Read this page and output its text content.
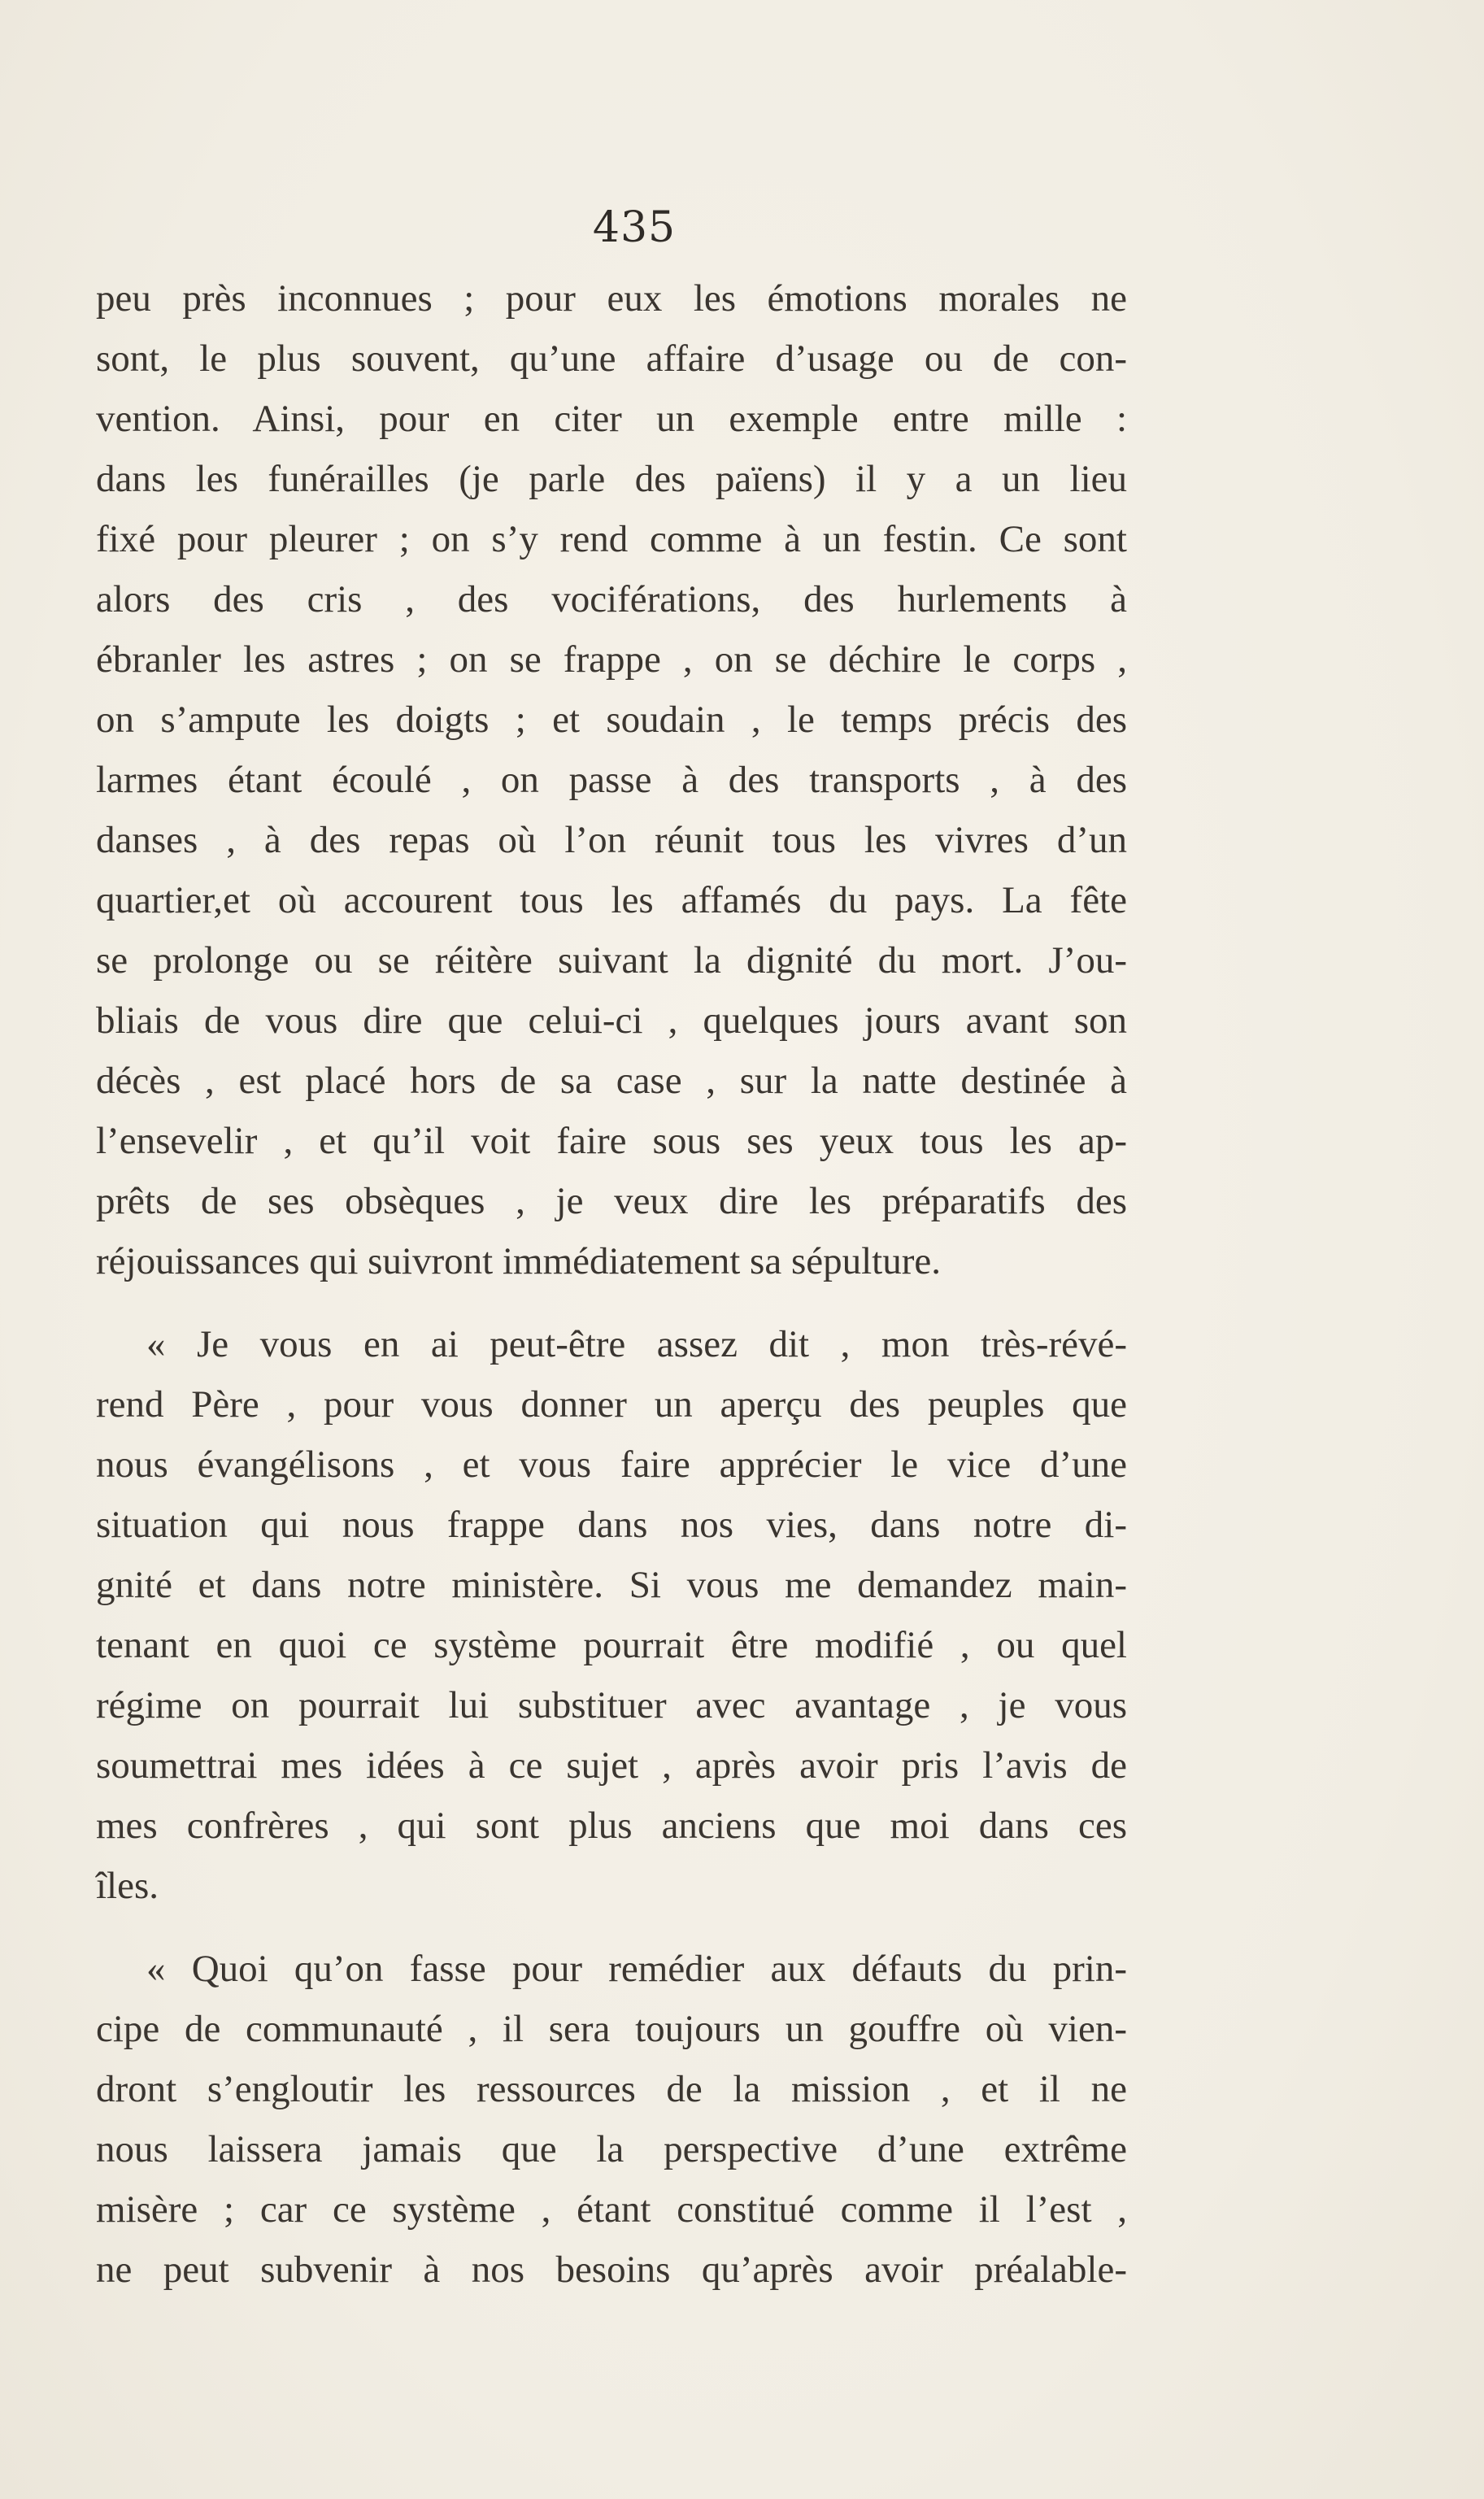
435
peu près inconnues ; pour eux les émotions morales ne
sont, le plus souvent, qu’une affaire d’usage ou de con-
vention. Ainsi, pour en citer un exemple entre mille :
dans les funérailles (je parle des païens) il y a un lieu
fixé pour pleurer ; on s’y rend comme à un festin. Ce sont
alors des cris , des vociférations, des hurlements à
ébranler les astres ; on se frappe , on se déchire le corps ,
on s’ampute les doigts ; et soudain , le temps précis des
larmes étant écoulé , on passe à des transports , à des
danses , à des repas où l’on réunit tous les vivres d’un
quartier,et où accourent tous les affamés du pays. La fête
se prolonge ou se réitère suivant la dignité du mort. J’ou-
bliais de vous dire que celui-ci , quelques jours avant son
décès , est placé hors de sa case , sur la natte destinée à
l’ensevelir , et qu’il voit faire sous ses yeux tous les ap-
prêts de ses obsèques , je veux dire les préparatifs des
réjouissances qui suivront immédiatement sa sépulture.
« Je vous en ai peut-être assez dit , mon très-révé-
rend Père , pour vous donner un aperçu des peuples que
nous évangélisons , et vous faire apprécier le vice d’une
situation qui nous frappe dans nos vies, dans notre di-
gnité et dans notre ministère. Si vous me demandez main-
tenant en quoi ce système pourrait être modifié , ou quel
régime on pourrait lui substituer avec avantage , je vous
soumettrai mes idées à ce sujet , après avoir pris l’avis de
mes confrères , qui sont plus anciens que moi dans ces
îles.
« Quoi qu’on fasse pour remédier aux défauts du prin-
cipe de communauté , il sera toujours un gouffre où vien-
dront s’engloutir les ressources de la mission , et il ne
nous laissera jamais que la perspective d’une extrême
misère ; car ce système , étant constitué comme il l’est ,
ne peut subvenir à nos besoins qu’après avoir préalable-
